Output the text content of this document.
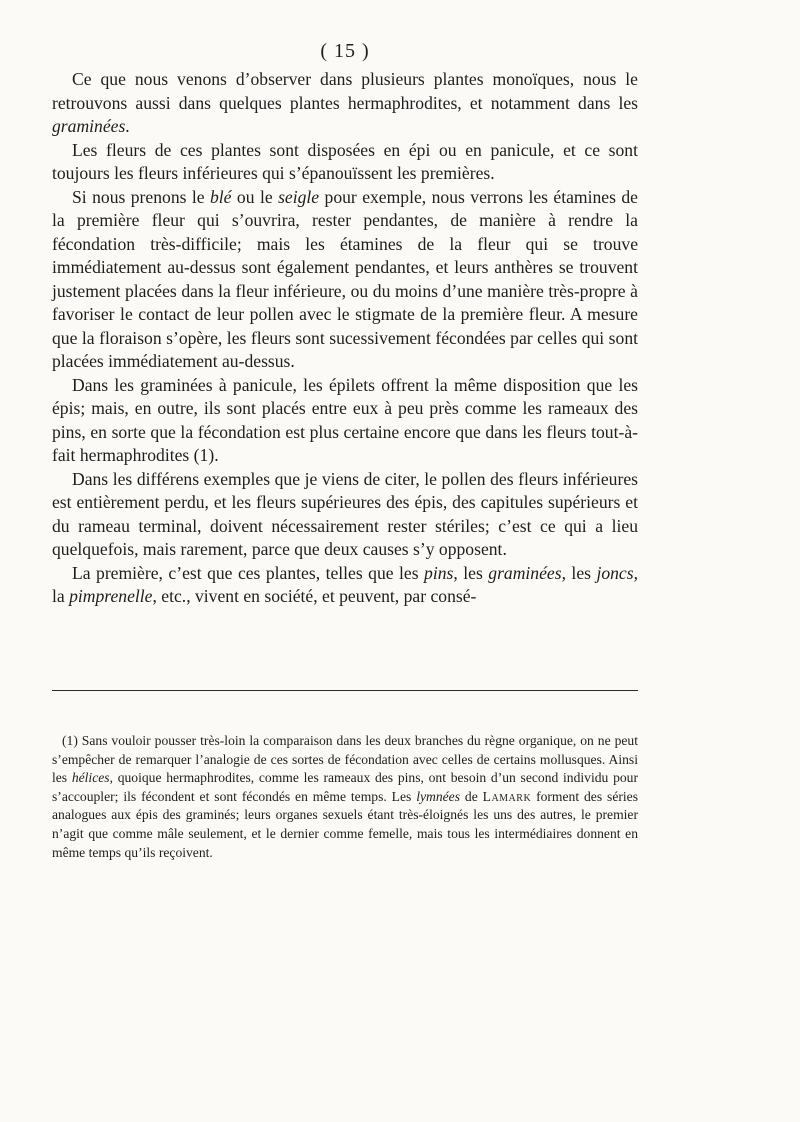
( 15 )

Ce que nous venons d’observer dans plusieurs plantes monoïques, nous le retrouvons aussi dans quelques plantes hermaphrodites, et notamment dans les graminées.

Les fleurs de ces plantes sont disposées en épi ou en panicule, et ce sont toujours les fleurs inférieures qui s’épanouïssent les premières.

Si nous prenons le blé ou le seigle pour exemple, nous verrons les étamines de la première fleur qui s’ouvrira, rester pendantes, de manière à rendre la fécondation très-difficile; mais les étamines de la fleur qui se trouve immédiatement au-dessus sont également pendantes, et leurs anthères se trouvent justement placées dans la fleur inférieure, ou du moins d’une manière très-propre à favoriser le contact de leur pollen avec le stigmate de la première fleur. A mesure que la floraison s’opère, les fleurs sont sucessivement fécondées par celles qui sont placées immédiatement au-dessus.

Dans les graminées à panicule, les épilets offrent la même disposition que les épis; mais, en outre, ils sont placés entre eux à peu près comme les rameaux des pins, en sorte que la fécondation est plus certaine encore que dans les fleurs tout-à-fait hermaphrodites (1).

Dans les différens exemples que je viens de citer, le pollen des fleurs inférieures est entièrement perdu, et les fleurs supérieures des épis, des capitules supérieurs et du rameau terminal, doivent nécessairement rester stériles; c’est ce qui a lieu quelquefois, mais rarement, parce que deux causes s’y opposent.

La première, c’est que ces plantes, telles que les pins, les graminées, les joncs, la pimprenelle, etc., vivent en société, et peuvent, par consé-

(1) Sans vouloir pousser très-loin la comparaison dans les deux branches du règne organique, on ne peut s’empêcher de remarquer l’analogie de ces sortes de fécondation avec celles de certains mollusques. Ainsi les hélices, quoique hermaphrodites, comme les rameaux des pins, ont besoin d’un second individu pour s’accoupler; ils fécondent et sont fécondés en même temps. Les lymnées de Lamark forment des séries analogues aux épis des graminés; leurs organes sexuels étant très-éloignés les uns des autres, le premier n’agit que comme mâle seulement, et le dernier comme femelle, mais tous les intermédiaires donnent en même temps qu’ils reçoivent.
